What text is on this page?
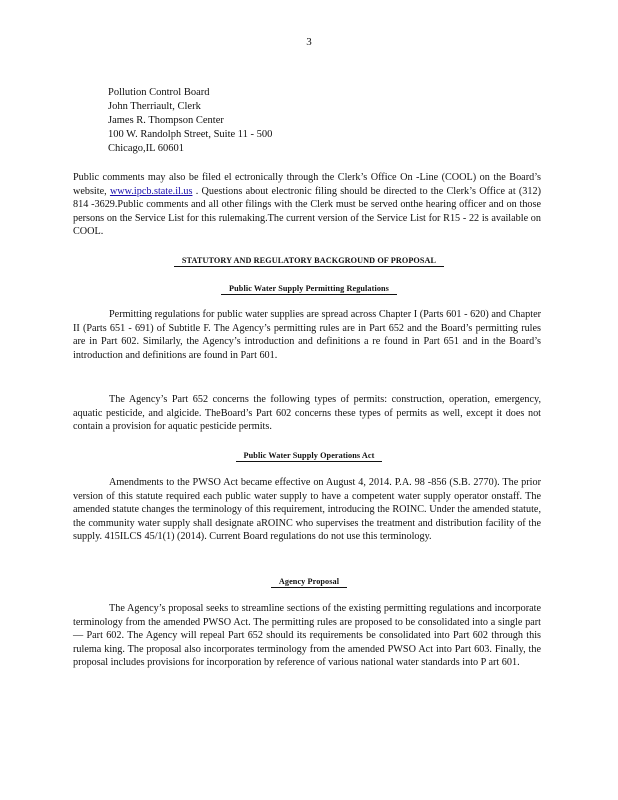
3
Pollution Control Board
John Therriault, Clerk
James R. Thompson Center
100 W. Randolph Street, Suite 11 - 500
Chicago,IL 60601
Public comments may also be filed el ectronically through the Clerk’s Office On -Line (COOL) on the Board’s website, www.ipcb.state.il.us . Questions about electronic filing should be directed to the Clerk’s Office at (312) 814 -3629.Public comments and all other filings with the Clerk must be served onthe hearing officer and on those persons on the Service List for this rulemaking.The current version of the Service List for R15 - 22 is available on COOL.
STATUTORY AND REGULATORY BACKGROUND OF PROPOSAL
Public Water Supply Permitting Regulations
Permitting regulations for public water supplies are spread across Chapter I (Parts 601 - 620) and Chapter II (Parts 651 - 691) of Subtitle F. The Agency’s permitting rules are in Part 652 and the Board’s permitting rules are in Part 602. Similarly, the Agency’s introduction and definitions a re found in Part 651 and in the Board’s introduction and definitions are found in Part 601.
The Agency’s Part 652 concerns the following types of permits: construction, operation, emergency, aquatic pesticide, and algicide. TheBoard’s Part 602 concerns these types of permits as well, except it does not contain a provision for aquatic pesticide permits.
Public Water Supply Operations Act
Amendments to the PWSO Act became effective on August 4, 2014. P.A. 98 -856 (S.B. 2770). The prior version of this statute required each public water supply to have a competent water supply operator onstaff. The amended statute changes the terminology of this requirement, introducing the ROINC. Under the amended statute, the community water supply shall designate aROINC who supervises the treatment and distribution facility of the supply. 415ILCS 45/1(1) (2014). Current Board regulations do not use this terminology.
Agency Proposal
The Agency’s proposal seeks to streamline sections of the existing permitting regulations and incorporate terminology from the amended PWSO Act. The permitting rules are proposed to be consolidated into a single part — Part 602. The Agency will repeal Part 652 should its requirements be consolidated into Part 602 through this rulema king. The proposal also incorporates terminology from the amended PWSO Act into Part 603. Finally, the proposal includes provisions for incorporation by reference of various national water standards into P art 601.
